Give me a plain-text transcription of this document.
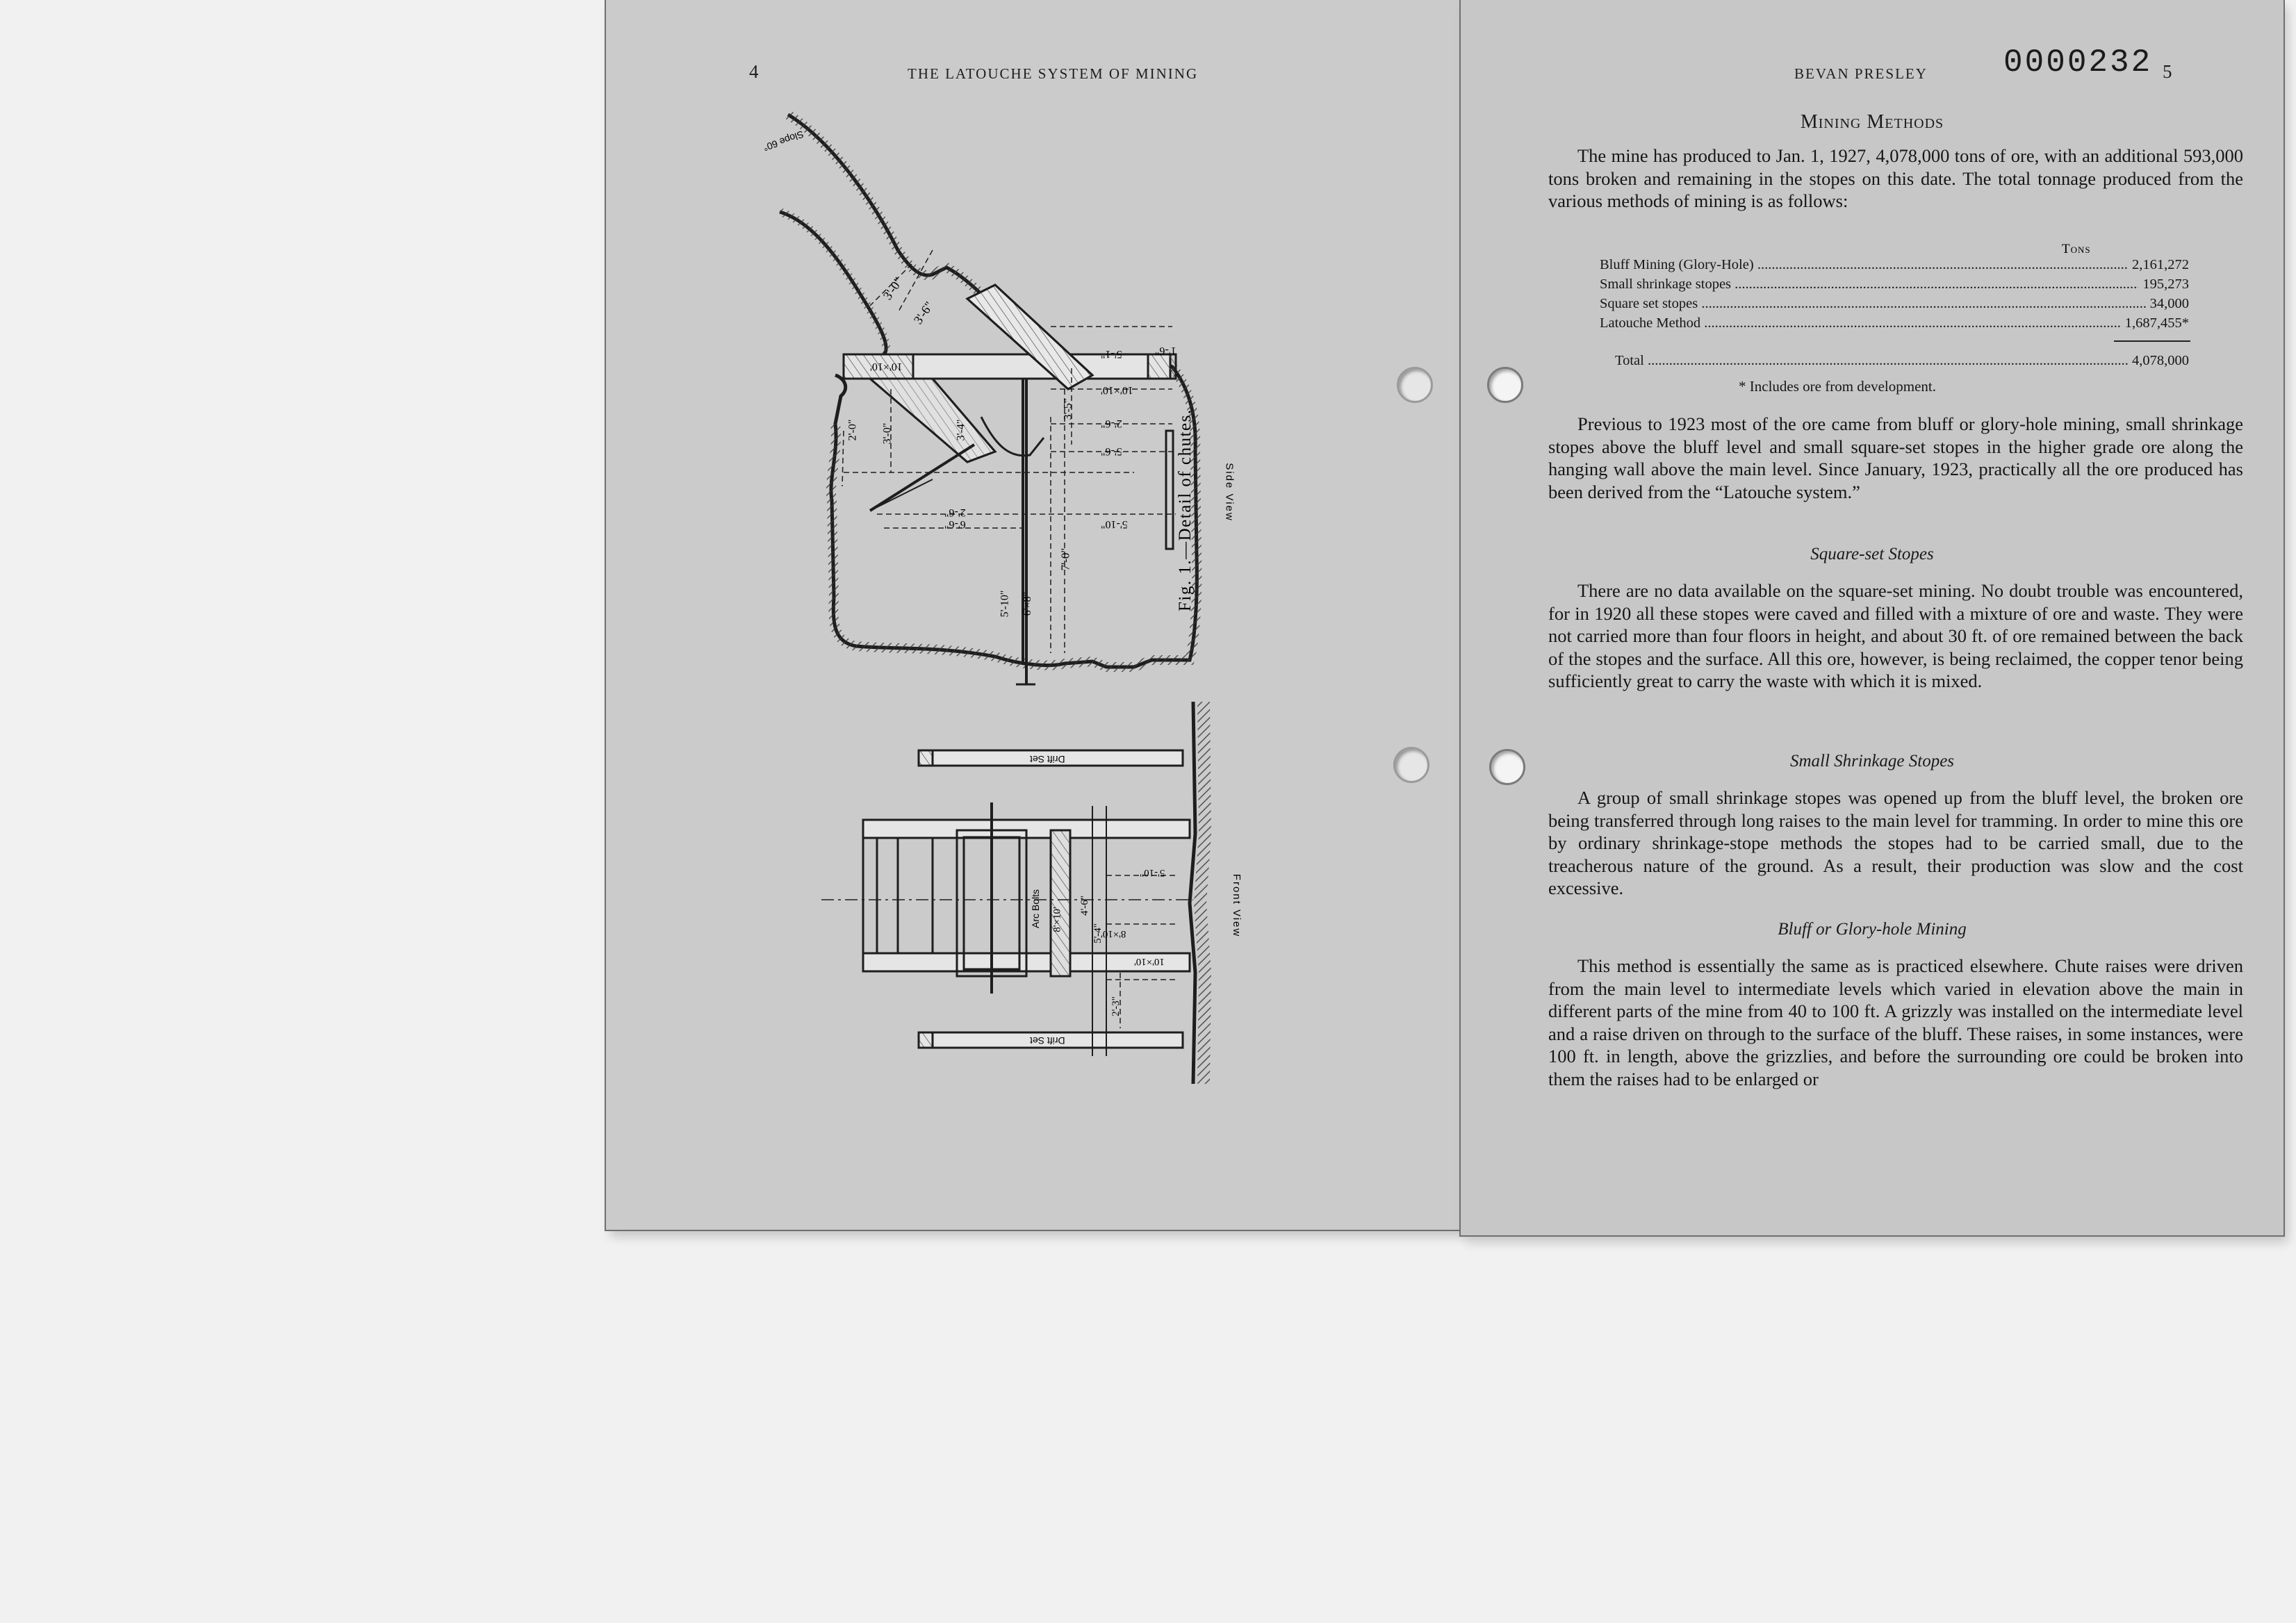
4	THE LATOUCHE SYSTEM OF MINING
Slope 60°
3'-0"
3'-6"
10'×10'
5'-1"	1'-6"
10'×10'
2'-0" 3'-0"	3'-4"	2'-6"
5'-6"
3'-5"
2'-6"
6'-6"	5'-10"
7'-0"
5'-10" 6'×8"
Side View
Drift Set
Drift Set
Arc Bolts 8'×10'
4'-6"
5'-4"
5'-10"
8'×10'
10'×10'
2'-3"
Front View
Fig. 1.—Detail of chutes.
BEVAN PRESLEY 0000232 5
Mining Methods

The mine has produced to Jan. 1, 1927, 4,078,000 tons of ore, with an additional 593,000 tons broken and remaining in the stopes on this date. The total tonnage produced from the various methods of mining is as follows:

Tons
Bluff Mining (Glory-Hole) .....	2,161,272
Small shrinkage stopes .....	195,273
Square set stopes .....	34,000
Latouche Method .....	1,687,455*
Total .....	4,078,000
* Includes ore from development.

Previous to 1923 most of the ore came from bluff or glory-hole mining, small shrinkage stopes above the bluff level and small square-set stopes in the higher grade ore along the hanging wall above the main level. Since January, 1923, practically all the ore produced has been derived from the “Latouche system.”

Square-set Stopes

There are no data available on the square-set mining. No doubt trouble was encountered, for in 1920 all these stopes were caved and filled with a mixture of ore and waste. They were not carried more than four floors in height, and about 30 ft. of ore remained between the back of the stopes and the surface. All this ore, however, is being reclaimed, the copper tenor being sufficiently great to carry the waste with which it is mixed.

Small Shrinkage Stopes

A group of small shrinkage stopes was opened up from the bluff level, the broken ore being transferred through long raises to the main level for tramming. In order to mine this ore by ordinary shrinkage-stope methods the stopes had to be carried small, due to the treacherous nature of the ground. As a result, their production was slow and the cost excessive.

Bluff or Glory-hole Mining

This method is essentially the same as is practiced elsewhere. Chute raises were driven from the main level to intermediate levels which varied in elevation above the main in different parts of the mine from 40 to 100 ft. A grizzly was installed on the intermediate level and a raise driven on through to the surface of the bluff. These raises, in some instances, were 100 ft. in length, above the grizzlies, and before the surrounding ore could be broken into them the raises had to be enlarged or
